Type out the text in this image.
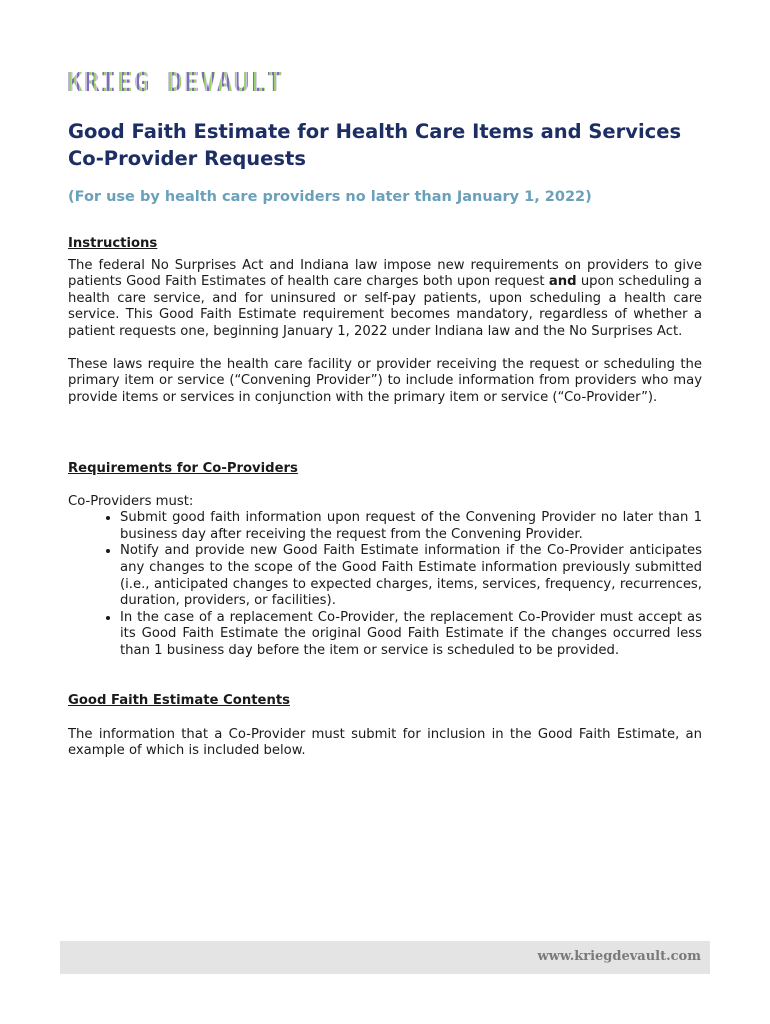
KRIEG DEVAULT
Good Faith Estimate for Health Care Items and Services Co-Provider Requests
(For use by health care providers no later than January 1, 2022)

Instructions

The federal No Surprises Act and Indiana law impose new requirements on providers to give patients Good Faith Estimates of health care charges both upon request and upon scheduling a health care service, and for uninsured or self-pay patients, upon scheduling a health care service. This Good Faith Estimate requirement becomes mandatory, regardless of whether a patient requests one, beginning January 1, 2022 under Indiana law and the No Surprises Act.

These laws require the health care facility or provider receiving the request or scheduling the primary item or service (“Convening Provider”) to include information from providers who may provide items or services in conjunction with the primary item or service (“Co-Provider”).

Requirements for Co-Providers

Co-Providers must:

• Submit good faith information upon request of the Convening Provider no later than 1 business day after receiving the request from the Convening Provider.
• Notify and provide new Good Faith Estimate information if the Co-Provider anticipates any changes to the scope of the Good Faith Estimate information previously submitted (i.e., anticipated changes to expected charges, items, services, frequency, recurrences, duration, providers, or facilities).
• In the case of a replacement Co-Provider, the replacement Co-Provider must accept as its Good Faith Estimate the original Good Faith Estimate if the changes occurred less than 1 business day before the item or service is scheduled to be provided.

Good Faith Estimate Contents

The information that a Co-Provider must submit for inclusion in the Good Faith Estimate, an example of which is included below.

www.kriegdevault.com
